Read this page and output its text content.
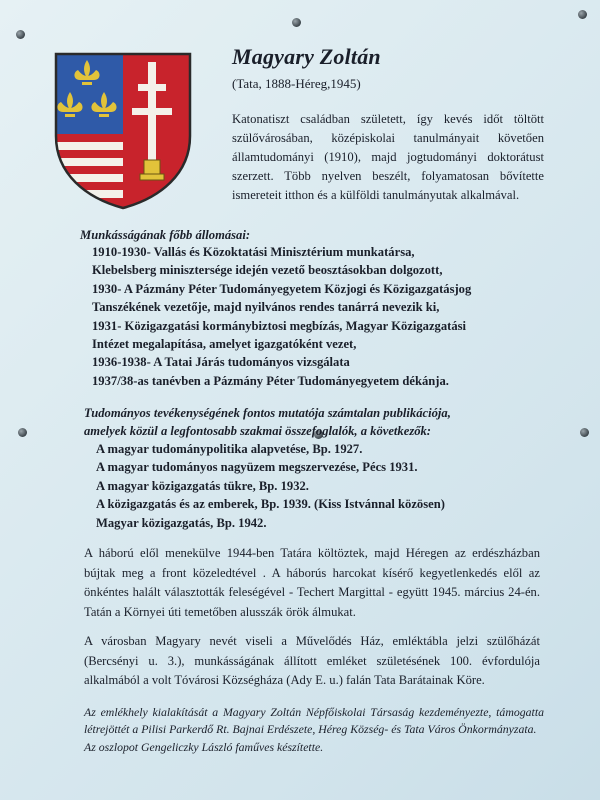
Magyary Zoltán
(Tata, 1888-Héreg,1945)
Katonatiszt családban született, így kevés időt töltött szülővárosában, középiskolai tanulmányait követően államtudományi (1910), majd jogtudományi doktorátust szerzett. Több nyelven beszélt, folyamatosan bővítette ismereteit itthon és a külföldi tanulmányutak alkalmával.
Munkásságának főbb állomásai:
1910-1930- Vallás és Közoktatási Minisztérium munkatársa,
Klebelsberg minisztersége idején vezető beosztásokban dolgozott,
1930- A Pázmány Péter Tudományegyetem Közjogi és Közigazgatásjog
Tanszékének vezetője, majd nyilvános rendes tanárrá nevezik ki,
1931- Közigazgatási kormánybiztosi megbízás, Magyar Közigazgatási
Intézet megalapítása, amelyet igazgatóként vezet,
1936-1938- A Tatai Járás tudományos vizsgálata
1937/38-as tanévben a Pázmány Péter Tudományegyetem dékánja.
Tudományos tevékenységének fontos mutatója számtalan publikációja,
amelyek közül a legfontosabb szakmai összefoglalók, a következők:
A magyar tudománypolitika alapvetése, Bp. 1927.
A magyar tudományos nagyüzem megszervezése, Pécs 1931.
A magyar közigazgatás tükre, Bp. 1932.
A közigazgatás és az emberek, Bp. 1939. (Kiss Istvánnal közösen)
Magyar közigazgatás, Bp. 1942.
A háború elől menekülve 1944-ben Tatára költöztek, majd Héregen az erdészházban bújtak meg a front közeledtével . A háborús harcokat kísérő kegyetlenkedés elől az önkéntes halált választották feleségével - Techert Margittal - együtt 1945. március 24-én. Tatán a Környei úti temetőben alusszák örök álmukat.
A városban Magyary nevét viseli a Művelődés Ház, emléktábla jelzi szülőházát (Bercsényi u. 3.), munkásságának állított emléket születésének 100. évfordulója alkalmából a volt Tóvárosi Községháza (Ady E. u.) falán Tata Barátainak Köre.
Az emlékhely kialakítását a Magyary Zoltán Népfőiskolai Társaság kezdeményezte, támogatta létrejöttét a Pilisi Parkerdő Rt. Bajnai Erdészete, Héreg Község- és Tata Város Önkormányzata.
Az oszlopot Gengeliczky László faműves készítette.
